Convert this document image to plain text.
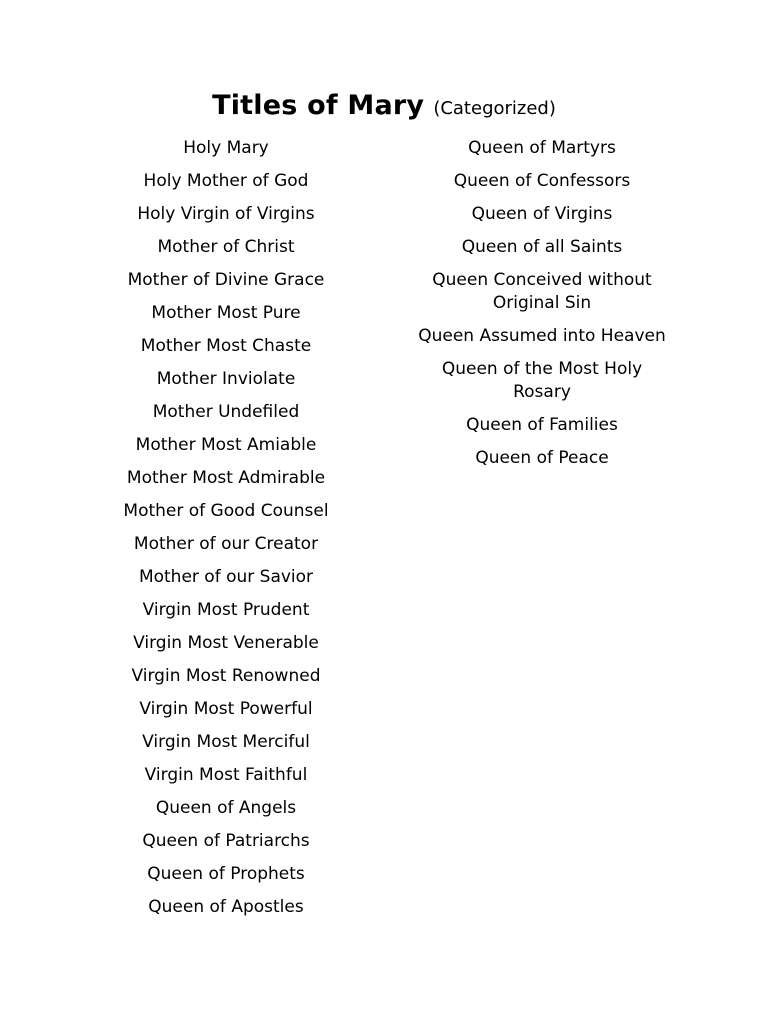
Titles of Mary (Categorized)
Holy Mary
Holy Mother of God
Holy Virgin of Virgins
Mother of Christ
Mother of Divine Grace
Mother Most Pure
Mother Most Chaste
Mother Inviolate
Mother Undefiled
Mother Most Amiable
Mother Most Admirable
Mother of Good Counsel
Mother of our Creator
Mother of our Savior
Virgin Most Prudent
Virgin Most Venerable
Virgin Most Renowned
Virgin Most Powerful
Virgin Most Merciful
Virgin Most Faithful
Queen of Angels
Queen of Patriarchs
Queen of Prophets
Queen of Apostles
Queen of Martyrs
Queen of Confessors
Queen of Virgins
Queen of all Saints
Queen Conceived without Original Sin
Queen Assumed into Heaven
Queen of the Most Holy Rosary
Queen of Families
Queen of Peace
